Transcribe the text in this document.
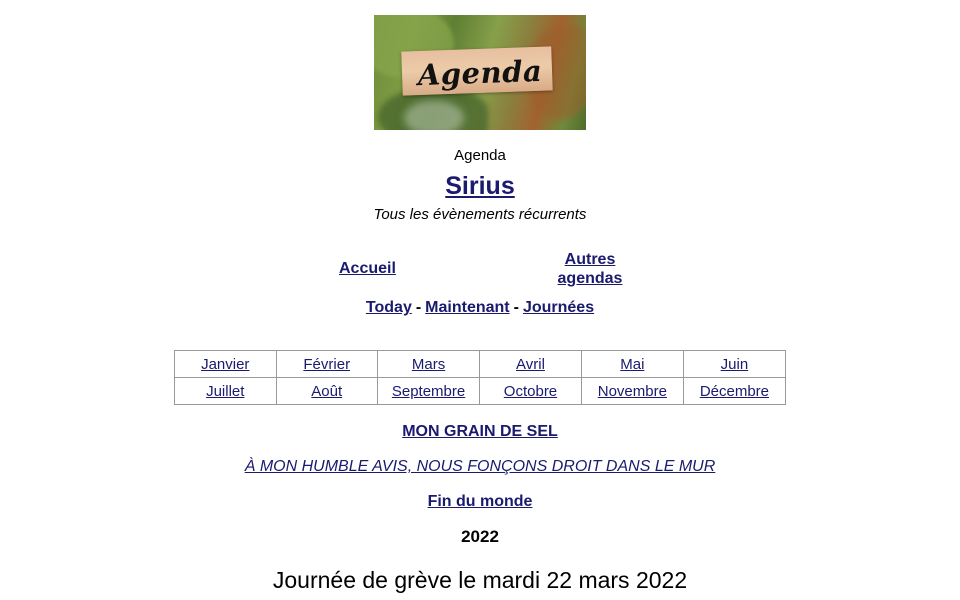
Agenda
Agenda
Sirius
Tous les évènements récurrents
Accueil
Autres
agendas
Today - Maintenant - Journées
Janvier	Février	Mars	Avril	Mai	Juin
Juillet	Août	Septembre	Octobre	Novembre	Décembre
MON GRAIN DE SEL
À MON HUMBLE AVIS, NOUS FONÇONS DROIT DANS LE MUR
Fin du monde
2022
Journée de grève le mardi 22 mars 2022
